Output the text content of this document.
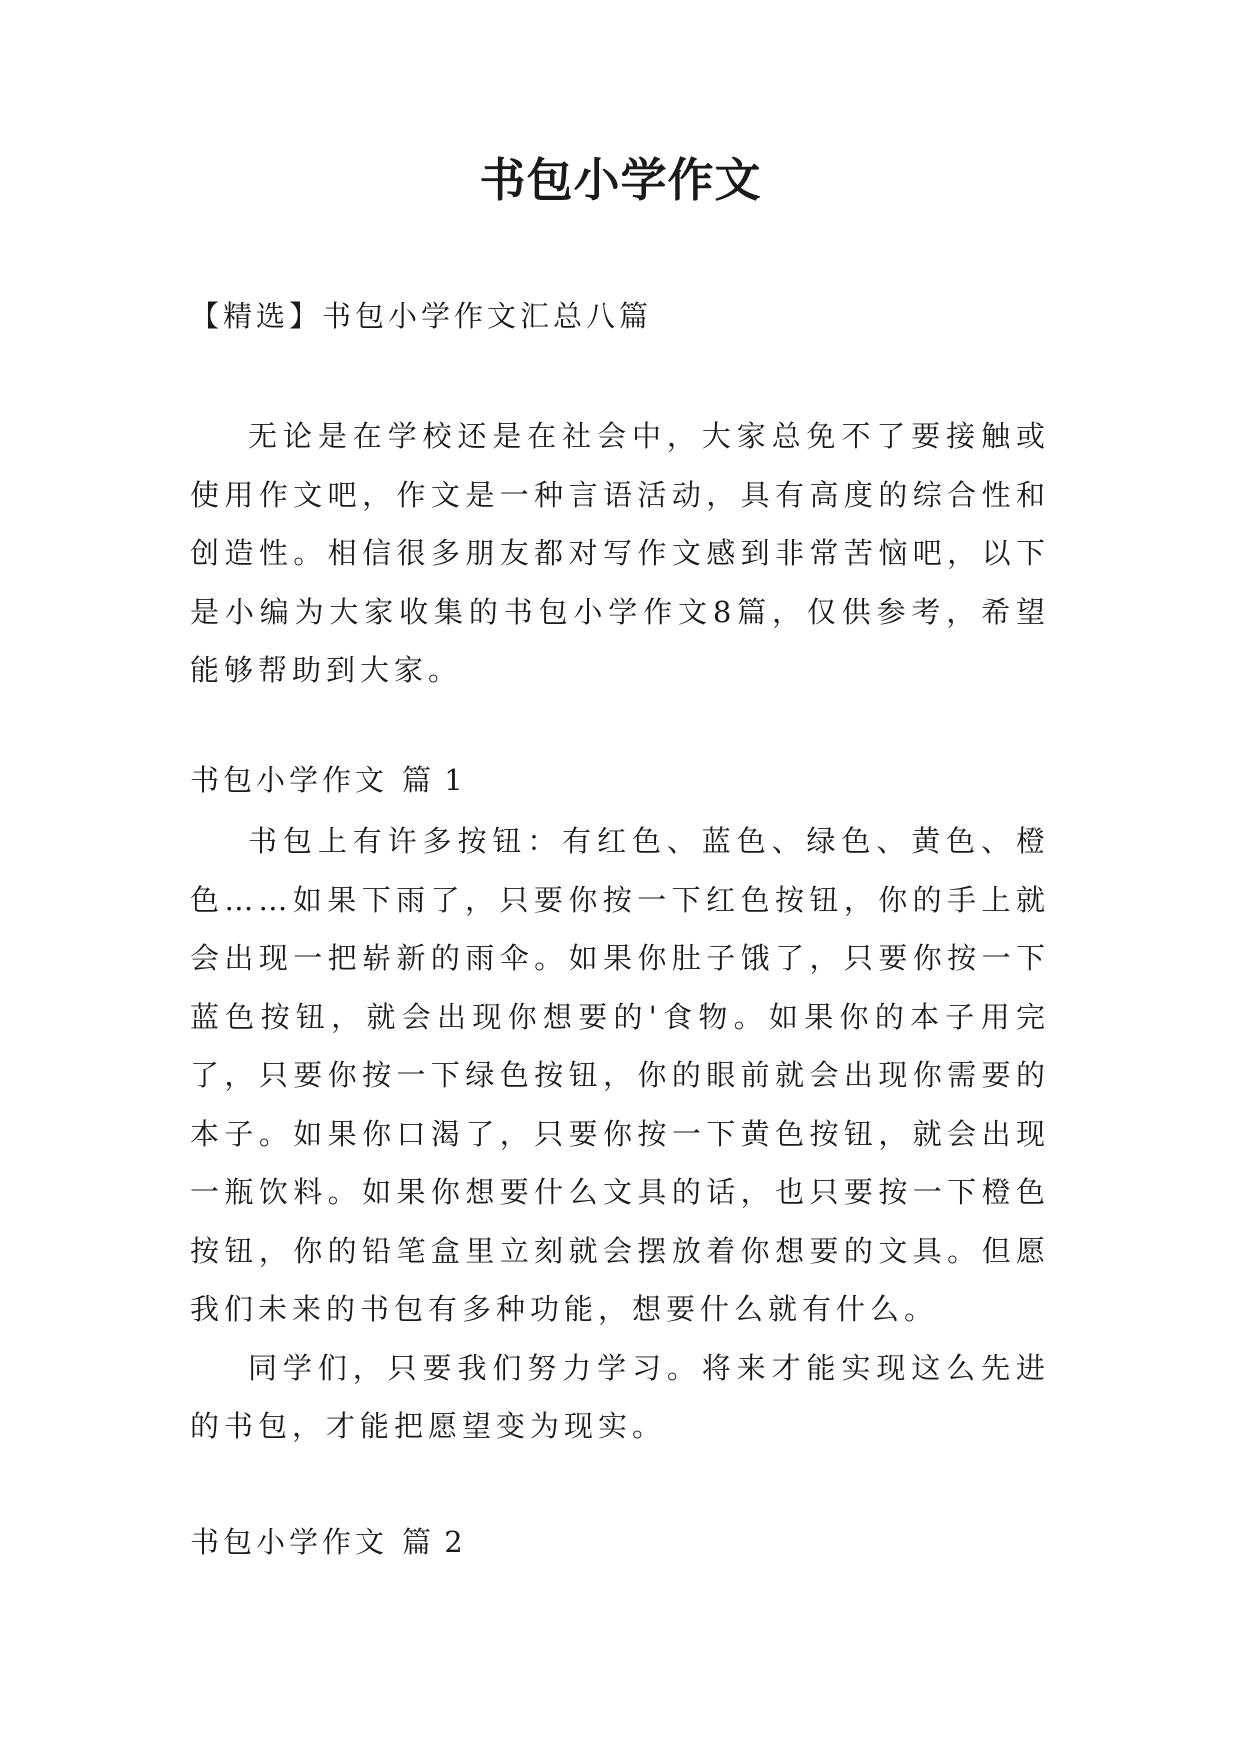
书包小学作文
【精选】书包小学作文汇总八篇

无论是在学校还是在社会中，大家总免不了要接触或使用作文吧，作文是一种言语活动，具有高度的综合性和创造性。相信很多朋友都对写作文感到非常苦恼吧，以下是小编为大家收集的书包小学作文8篇，仅供参考，希望能够帮助到大家。

书包小学作文 篇 1

书包上有许多按钮：有红色、蓝色、绿色、黄色、橙色……如果下雨了，只要你按一下红色按钮，你的手上就会出现一把崭新的雨伞。如果你肚子饿了，只要你按一下蓝色按钮，就会出现你想要的'食物。如果你的本子用完了，只要你按一下绿色按钮，你的眼前就会出现你需要的本子。如果你口渴了，只要你按一下黄色按钮，就会出现一瓶饮料。如果你想要什么文具的话，也只要按一下橙色按钮，你的铅笔盒里立刻就会摆放着你想要的文具。但愿我们未来的书包有多种功能，想要什么就有什么。

同学们，只要我们努力学习。将来才能实现这么先进的书包，才能把愿望变为现实。

书包小学作文 篇 2
